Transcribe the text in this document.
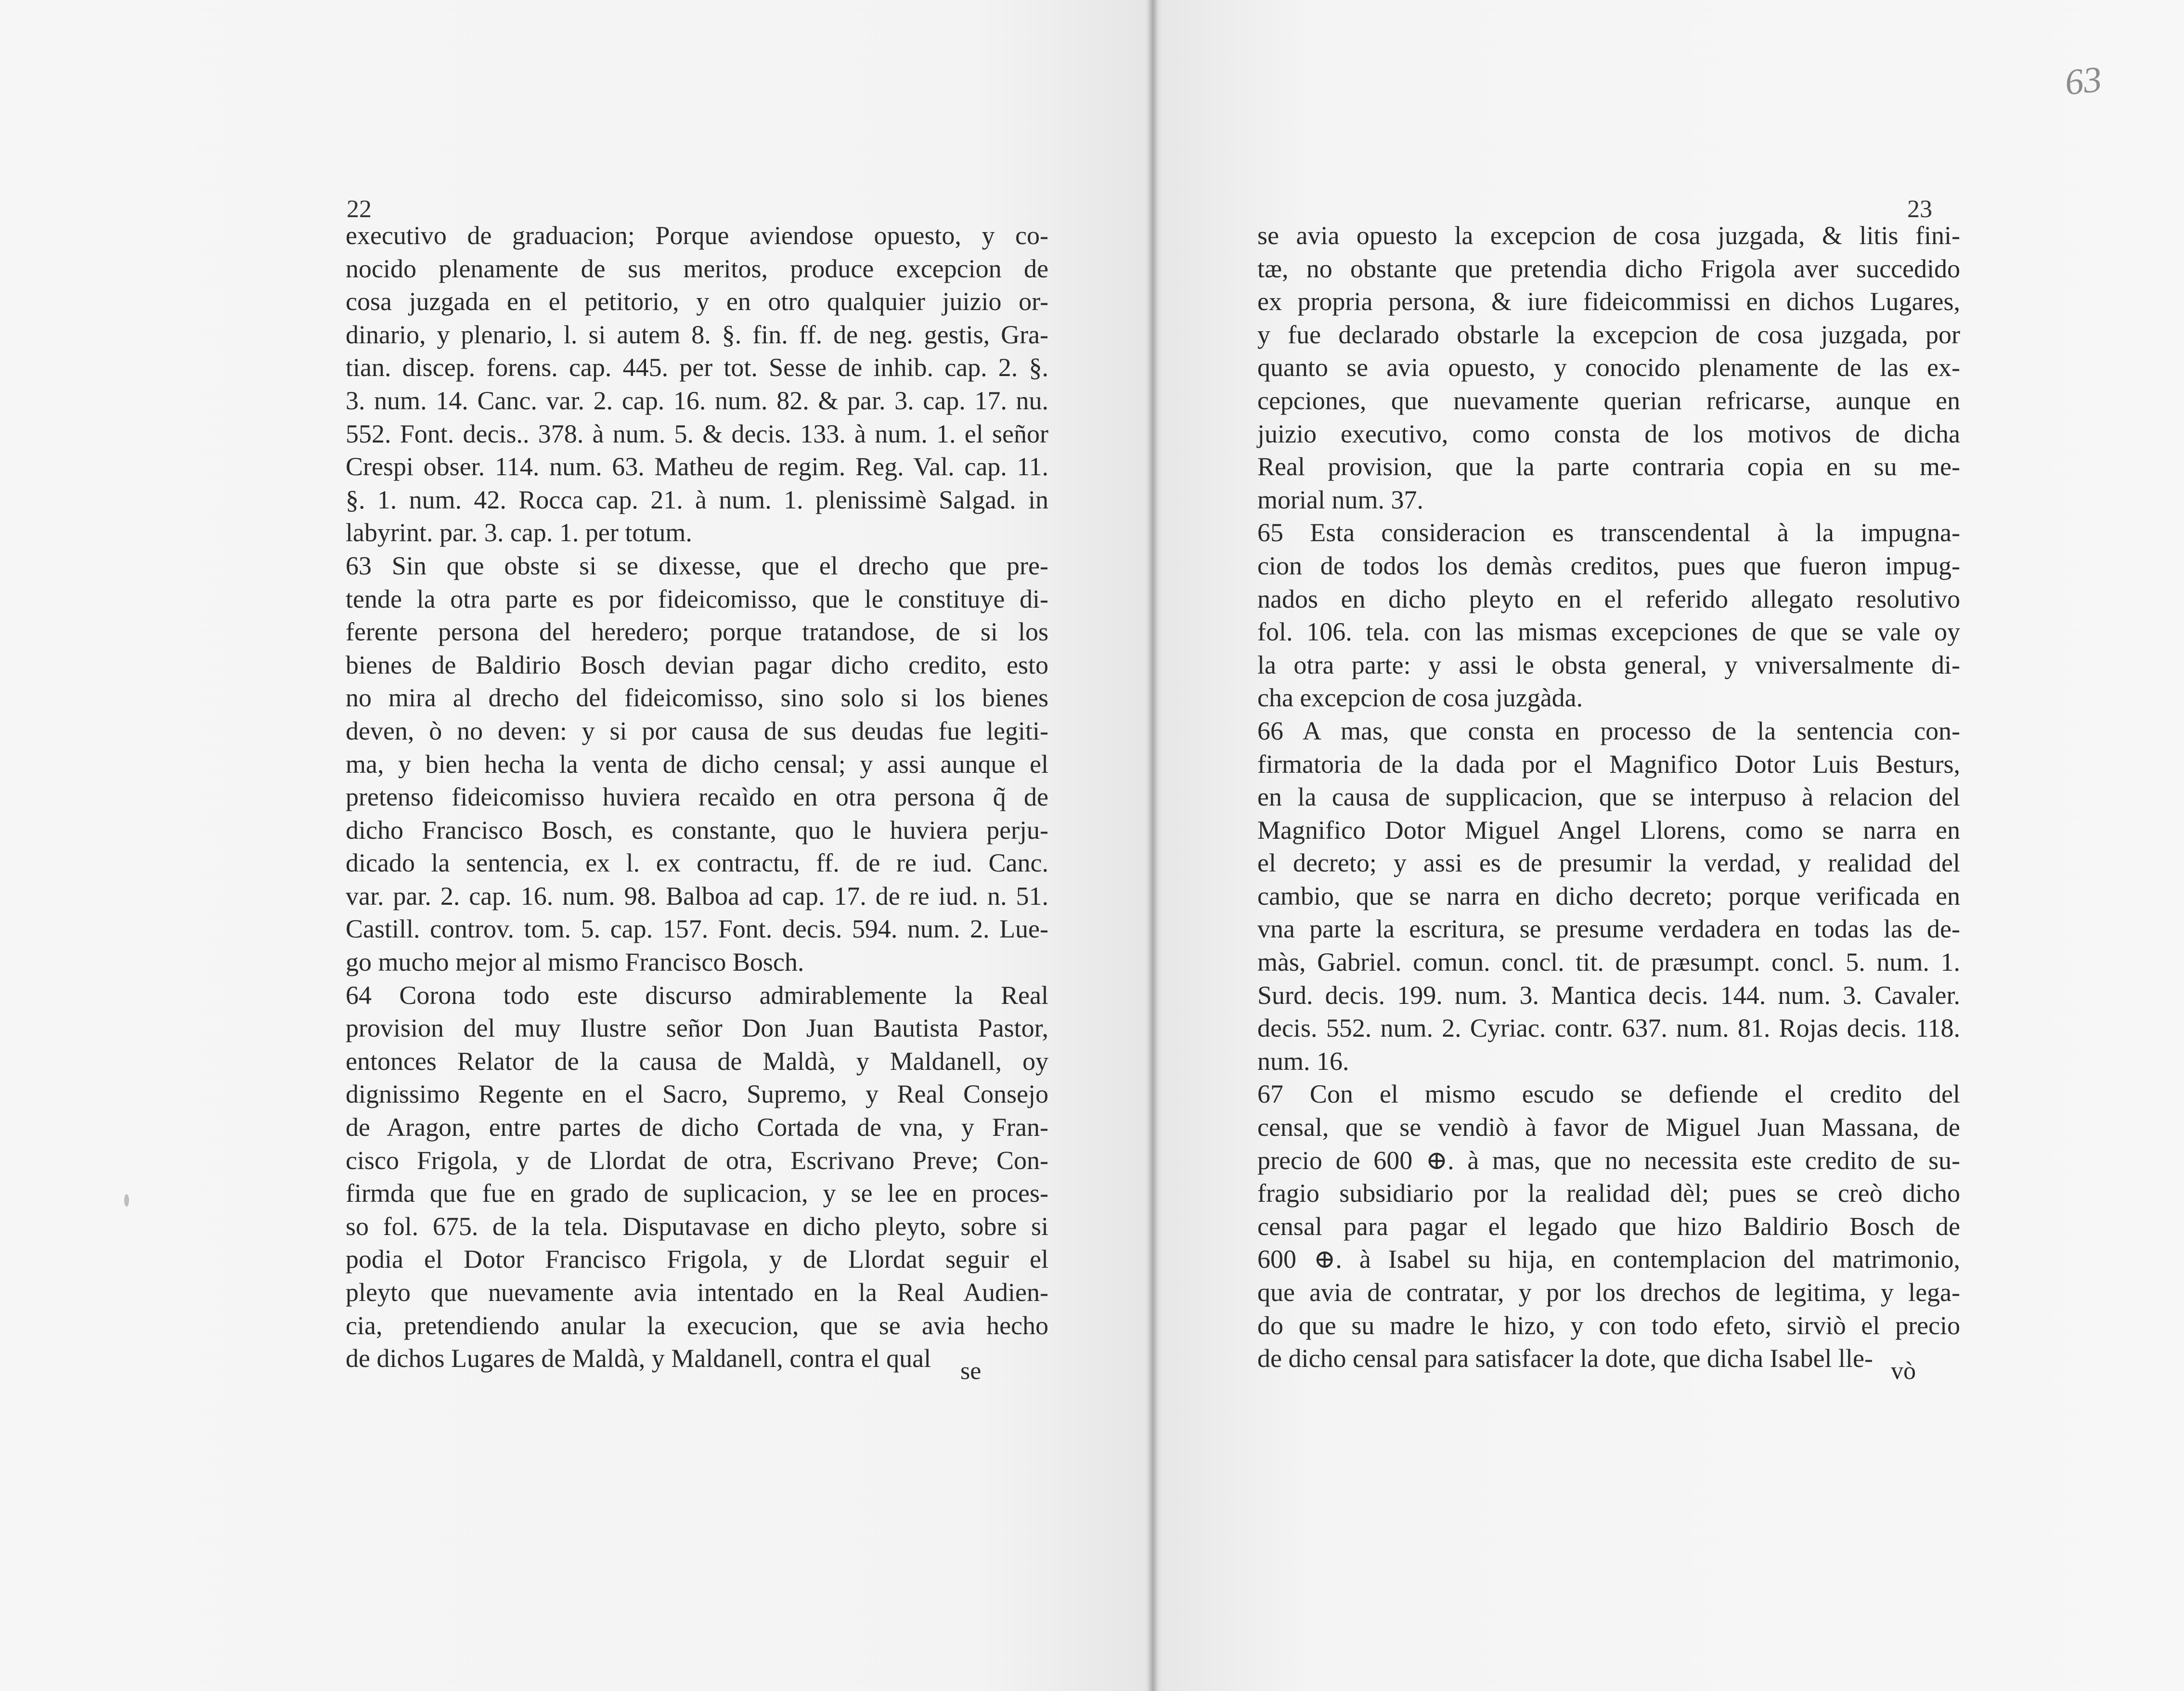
22	23
63

executivo de graduacion; Porque aviendose opuesto, y co-
nocido plenamente de sus meritos, produce excepcion de
cosa juzgada en el petitorio, y en otro qualquier juizio or-
dinario, y plenario, l. si autem 8. §. fin. ff. de neg. gestis, Gra-
tian. discep. forens. cap. 445. per tot. Sesse de inhib. cap. 2. §.
3. num. 14. Canc. var. 2. cap. 16. num. 82. & par. 3. cap. 17. nu.
552. Font. decis.. 378. à num. 5. & decis. 133. à num. 1. el señor
Crespi obser. 114. num. 63. Matheu de regim. Reg. Val. cap. 11.
§. 1. num. 42. Rocca cap. 21. à num. 1. plenissimè Salgad. in
labyrint. par. 3. cap. 1. per totum.
63 Sin que obste si se dixesse, que el drecho que pre-
tende la otra parte es por fideicomisso, que le constituye di-
ferente persona del heredero; porque tratandose, de si los
bienes de Baldirio Bosch devian pagar dicho credito, esto
no mira al drecho del fideicomisso, sino solo si los bienes
deven, ò no deven: y si por causa de sus deudas fue legiti-
ma, y bien hecha la venta de dicho censal; y assi aunque el
pretenso fideicomisso huviera recaìdo en otra persona q̃ de
dicho Francisco Bosch, es constante, quo le huviera perju-
dicado la sentencia, ex l. ex contractu, ff. de re iud. Canc.
var. par. 2. cap. 16. num. 98. Balboa ad cap. 17. de re iud. n. 51.
Castill. controv. tom. 5. cap. 157. Font. decis. 594. num. 2. Lue-
go mucho mejor al mismo Francisco Bosch.
64 Corona todo este discurso admirablemente la Real
provision del muy Ilustre señor Don Juan Bautista Pastor,
entonces Relator de la causa de Maldà, y Maldanell, oy
dignissimo Regente en el Sacro, Supremo, y Real Consejo
de Aragon, entre partes de dicho Cortada de vna, y Fran-
cisco Frigola, y de Llordat de otra, Escrivano Preve; Con-
firmda que fue en grado de suplicacion, y se lee en proces-
so fol. 675. de la tela. Disputavase en dicho pleyto, sobre si
podia el Dotor Francisco Frigola, y de Llordat seguir el
pleyto que nuevamente avia intentado en la Real Audien-
cia, pretendiendo anular la execucion, que se avia hecho
de dichos Lugares de Maldà, y Maldanell, contra el qual

se avia opuesto la excepcion de cosa juzgada, & litis fini-
tæ, no obstante que pretendia dicho Frigola aver succedido
ex propria persona, & iure fideicommissi en dichos Lugares,
y fue declarado obstarle la excepcion de cosa juzgada, por
quanto se avia opuesto, y conocido plenamente de las ex-
cepciones, que nuevamente querian refricarse, aunque en
juizio executivo, como consta de los motivos de dicha
Real provision, que la parte contraria copia en su me-
morial num. 37.
65 Esta consideracion es transcendental à la impugna-
cion de todos los demàs creditos, pues que fueron impug-
nados en dicho pleyto en el referido allegato resolutivo
fol. 106. tela. con las mismas excepciones de que se vale oy
la otra parte: y assi le obsta general, y vniversalmente di-
cha excepcion de cosa juzgàda.
66 A mas, que consta en processo de la sentencia con-
firmatoria de la dada por el Magnifico Dotor Luis Besturs,
en la causa de supplicacion, que se interpuso à relacion del
Magnifico Dotor Miguel Angel Llorens, como se narra en
el decreto; y assi es de presumir la verdad, y realidad del
cambio, que se narra en dicho decreto; porque verificada en
vna parte la escritura, se presume verdadera en todas las de-
màs, Gabriel. comun. concl. tit. de præsumpt. concl. 5. num. 1.
Surd. decis. 199. num. 3. Mantica decis. 144. num. 3. Cavaler.
decis. 552. num. 2. Cyriac. contr. 637. num. 81. Rojas decis. 118.
num. 16.
67 Con el mismo escudo se defiende el credito del
censal, que se vendiò à favor de Miguel Juan Massana, de
precio de 600 ⊕. à mas, que no necessita este credito de su-
fragio subsidiario por la realidad dèl; pues se creò dicho
censal para pagar el legado que hizo Baldirio Bosch de
600 ⊕. à Isabel su hija, en contemplacion del matrimonio,
que avia de contratar, y por los drechos de legitima, y lega-
do que su madre le hizo, y con todo efeto, sirviò el precio
de dicho censal para satisfacer la dote, que dicha Isabel lle-

se	vò
